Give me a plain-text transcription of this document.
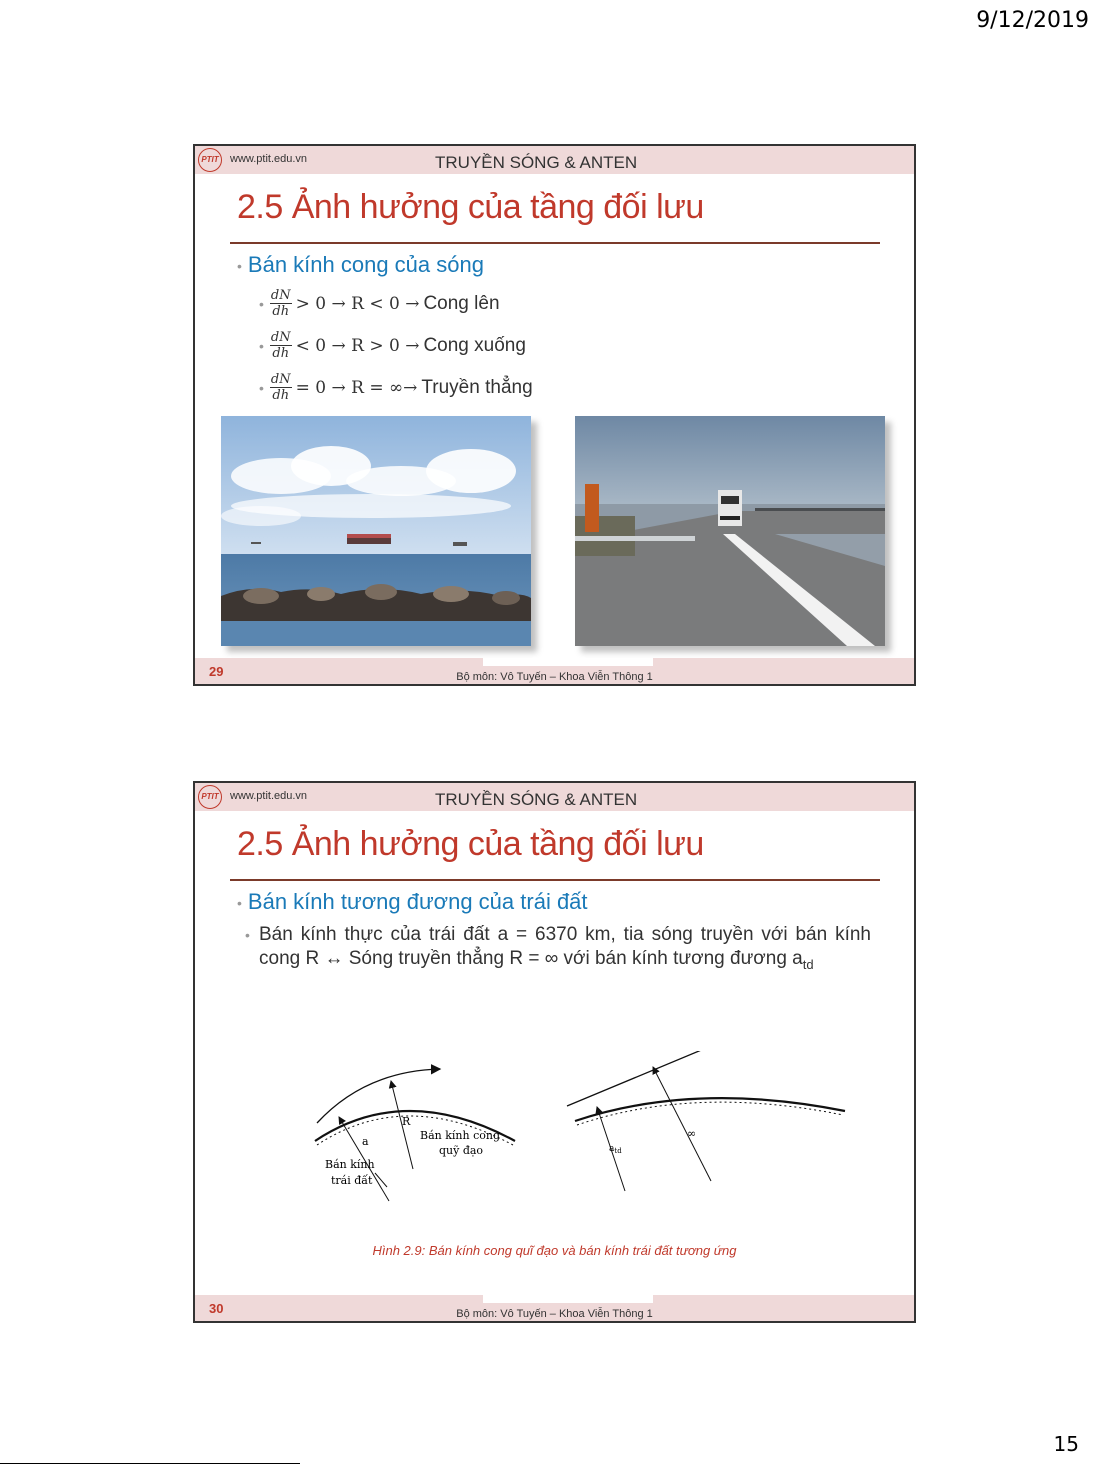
9/12/2019
PTIT	www.ptit.edu.vn	TRUYỀN SÓNG & ANTEN
2.5 Ảnh hưởng của tầng đối lưu
• Bán kính cong của sóng
• $\frac{dN}{dh} > 0 \to R < 0$ → Cong lên
• $\frac{dN}{dh} < 0 \to R > 0$ → Cong xuống
• $\frac{dN}{dh} = 0 \to R$ = ∞→ Truyền thẳng
29	Bộ môn: Vô Tuyến – Khoa Viễn Thông 1
PTIT	www.ptit.edu.vn	TRUYỀN SÓNG & ANTEN
2.5 Ảnh hưởng của tầng đối lưu
• Bán kính tương đương của trái đất
• Bán kính thực của trái đất a = 6370 km, tia sóng truyền với bán kính cong R ↔ Sóng truyền thẳng R = ∞ với bán kính tương đương $a_{td}$
a
R
Bán kính cong
quỹ đạo
Bán kính
trái đất
$a_{td}$
∞
Hình 2.9: Bán kính cong quĩ đạo và bán kính trái đất tương ứng
30	Bộ môn: Vô Tuyến – Khoa Viễn Thông 1
15
